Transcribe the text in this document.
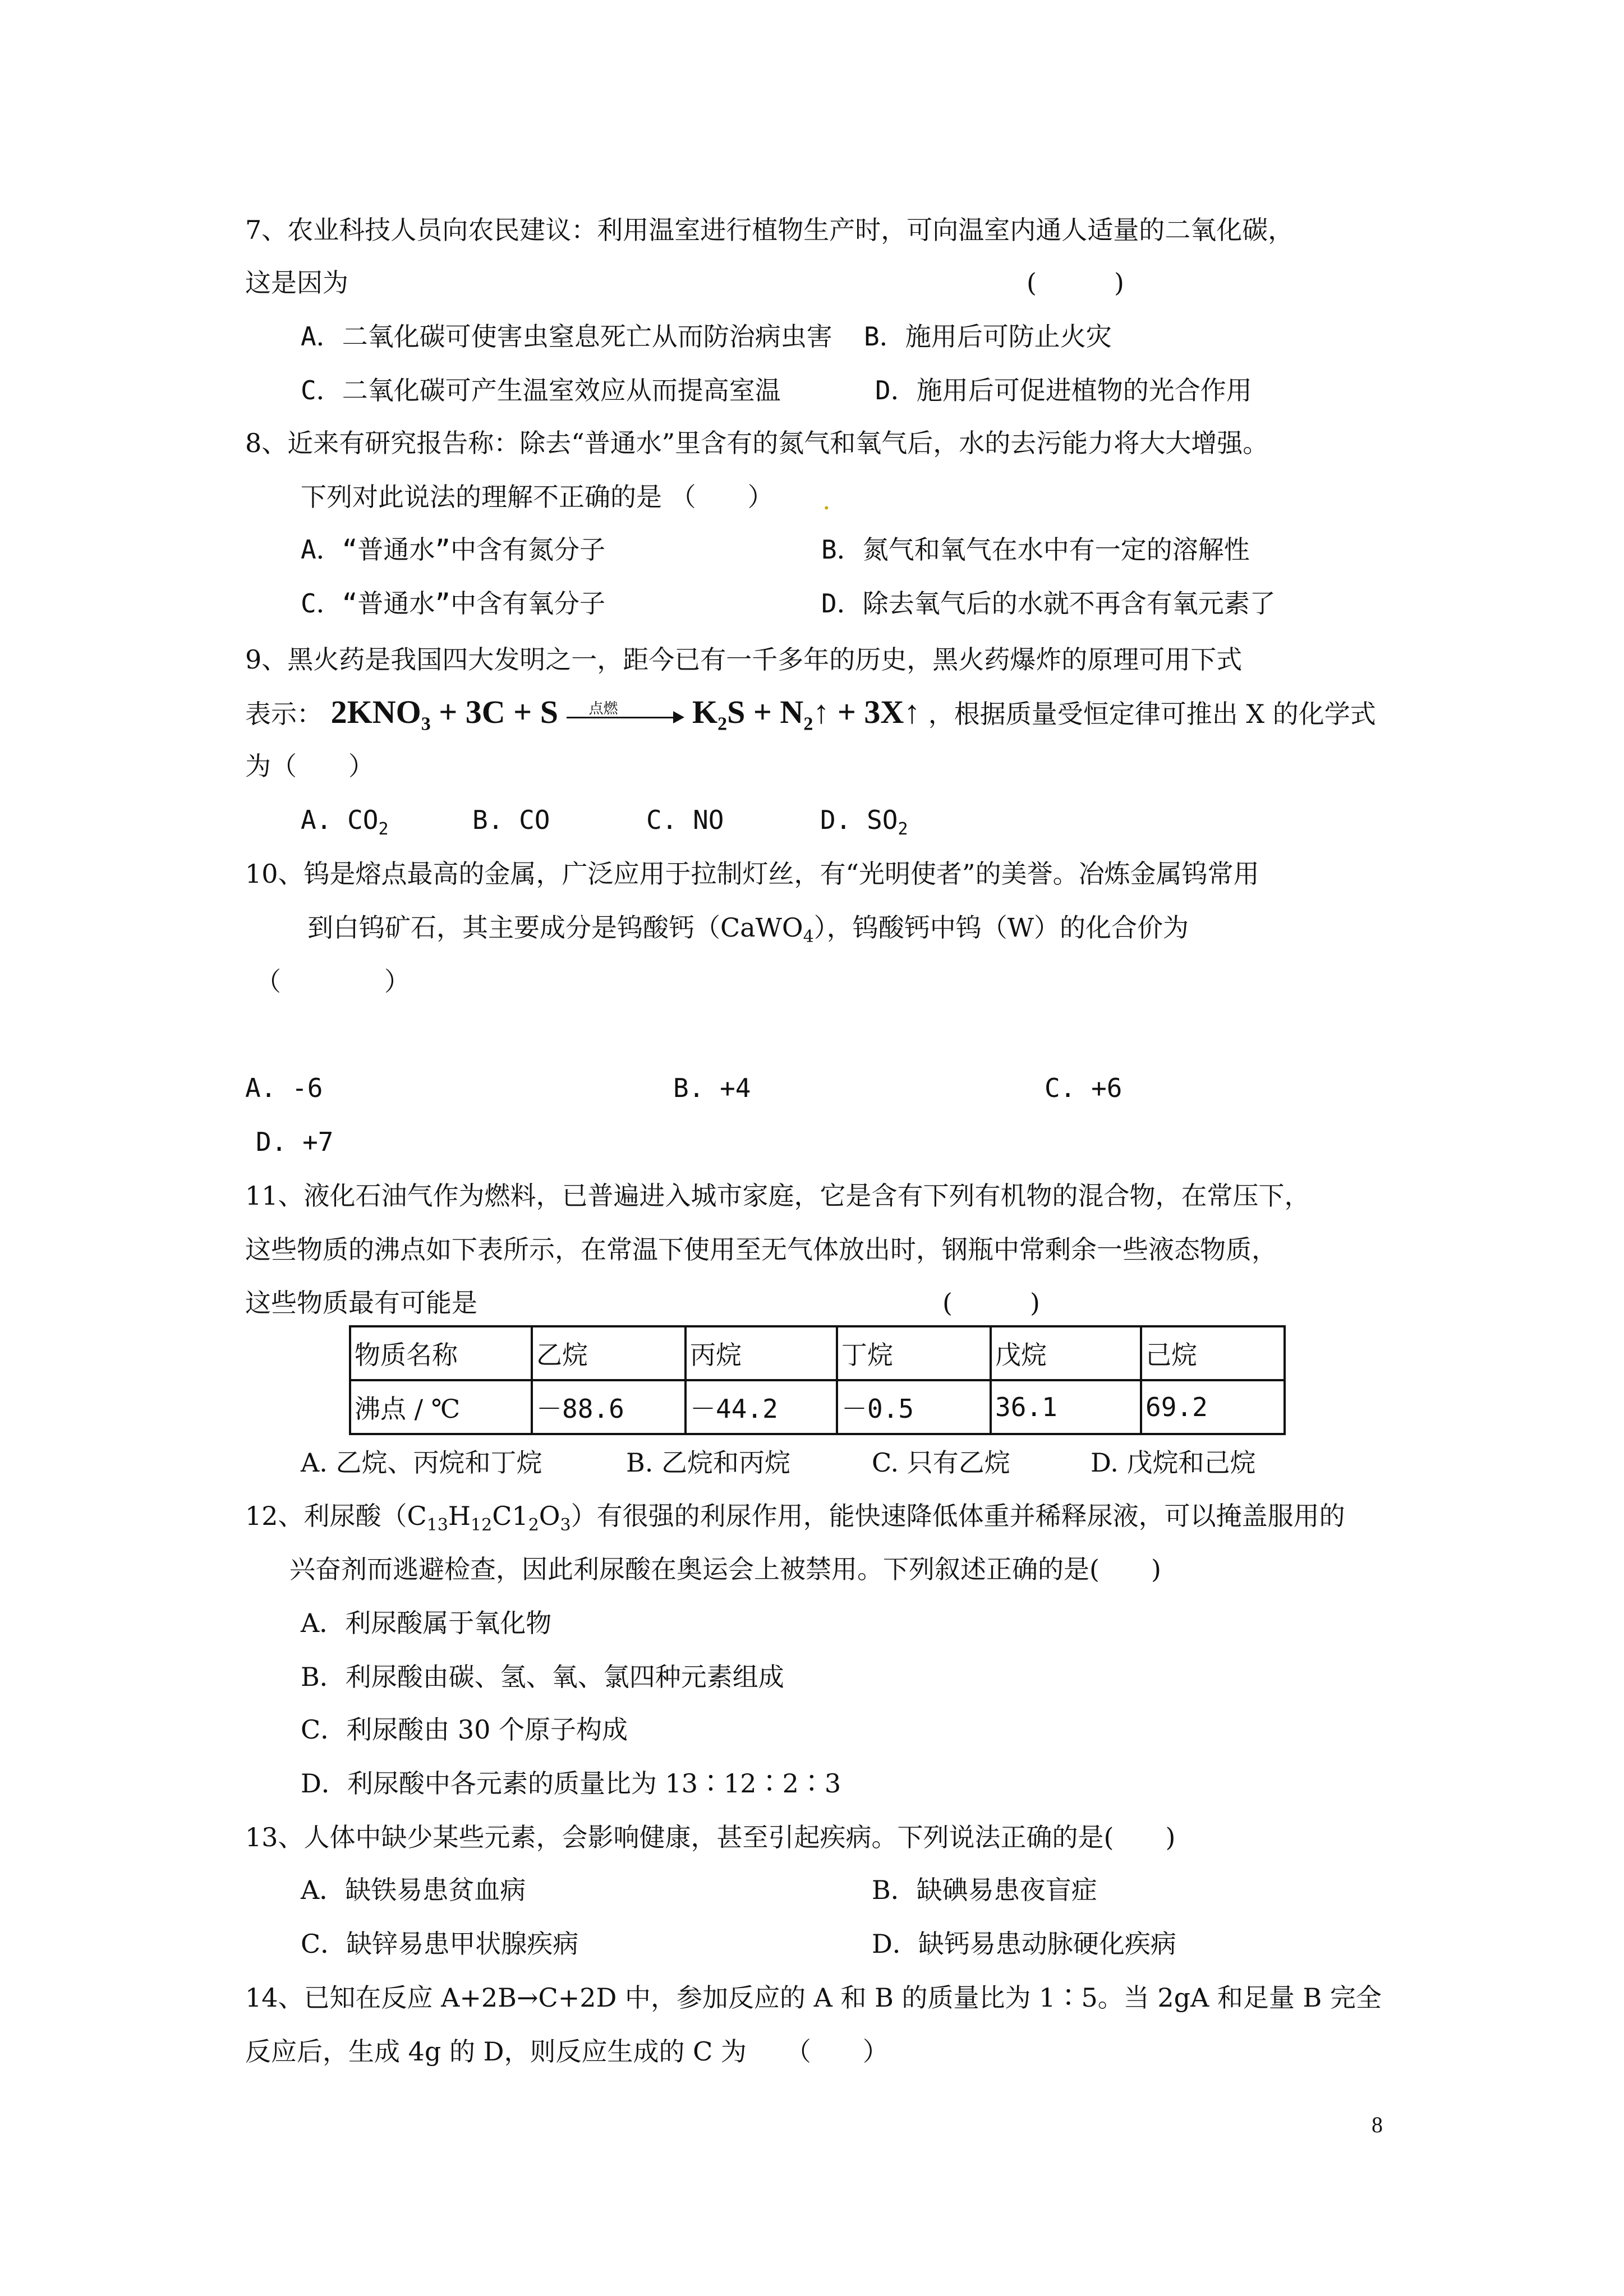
7、农业科技人员向农民建议：利用温室进行植物生产时，可向温室内通人适量的二氧化碳，
这是因为	(　　　)
A．二氧化碳可使害虫窒息死亡从而防治病虫害 B．施用后可防止火灾
C．二氧化碳可产生温室效应从而提高室温	D．施用后可促进植物的光合作用
8、近来有研究报告称：除去“普通水”里含有的氮气和氧气后，水的去污能力将大大增强。
下列对此说法的理解不正确的是 （　　） .
A．“普通水”中含有氮分子	B．氮气和氧气在水中有一定的溶解性
C．“普通水”中含有氧分子	D．除去氧气后的水就不再含有氧元素了
9、黑火药是我国四大发明之一，距今已有一千多年的历史，黑火药爆炸的原理可用下式
表示： $2KNO_3 + 3C + S$ 点燃 $K_2S$ + $N_2↑$ + 3X↑ ，根据质量受恒定律可推出 X 的化学式
为（　　）
A. $CO_2$	B. CO	C. NO	D. $SO_2$
10、钨是熔点最高的金属，广泛应用于拉制灯丝，有“光明使者”的美誉。冶炼金属钨常用
到白钨矿石，其主要成分是钨酸钙（CaWO$_4$），钨酸钙中钨（W）的化合价为
（　　　　）
A. -6	B. +4	C. +6
D. +7
11、液化石油气作为燃料，已普遍进入城市家庭，它是含有下列有机物的混合物，在常压下，
这些物质的沸点如下表所示，在常温下使用至无气体放出时，钢瓶中常剩余一些液态物质，
这些物质最有可能是	(　　　)
物质名称	乙烷	丙烷	丁烷	戊烷	己烷
沸点 / ℃	－88.6	－44.2	－0.5	36.1	69.2
A. 乙烷、丙烷和丁烷	B. 乙烷和丙烷	C. 只有乙烷	D. 戊烷和己烷
12、利尿酸$(C_{13}H_{12}C1_2O_3)$有很强的利尿作用，能快速降低体重并稀释尿液，可以掩盖服用的
兴奋剂而逃避检查，因此利尿酸在奥运会上被禁用。下列叙述正确的是(　　)
A．利尿酸属于氧化物
B．利尿酸由碳、氢、氧、氯四种元素组成
C．利尿酸由 30 个原子构成
D．利尿酸中各元素的质量比为 13∶12∶2∶3
13、人体中缺少某些元素，会影响健康，甚至引起疾病。下列说法正确的是(　　)
A．缺铁易患贫血病	B．缺碘易患夜盲症
C．缺锌易患甲状腺疾病	D．缺钙易患动脉硬化疾病
14、已知在反应 A+2B→C+2D 中，参加反应的 A 和 B 的质量比为 1∶5。当 2gA 和足量 B 完全
反应后，生成 4g 的 D，则反应生成的 C 为　　（　　）
8
